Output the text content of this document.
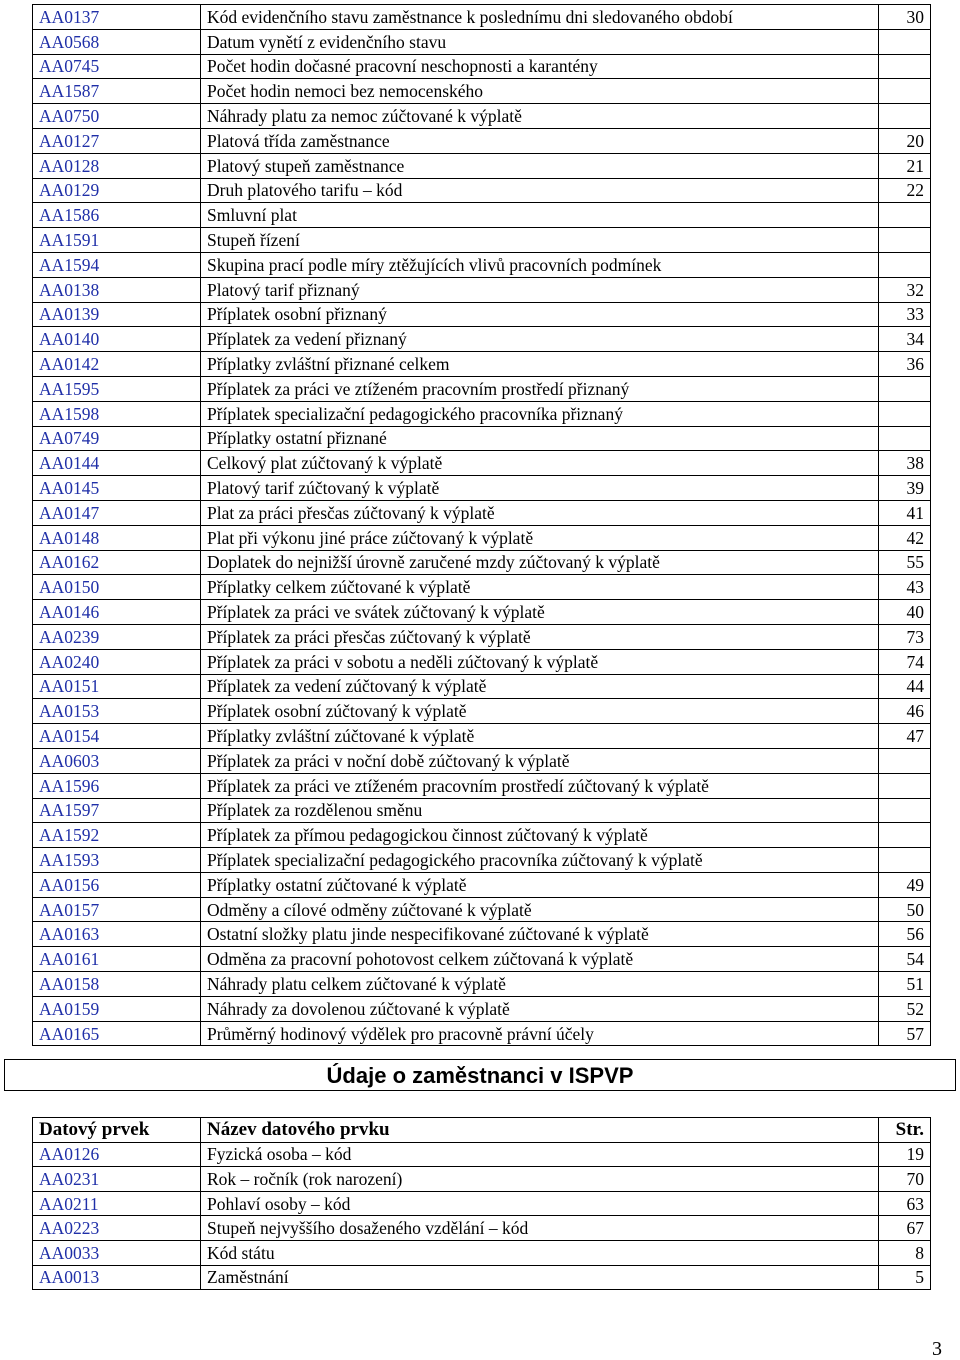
AA0137	Kód evidenčního stavu zaměstnance k poslednímu dni sledovaného období	30
AA0568	Datum vynětí z evidenčního stavu	
AA0745	Počet hodin dočasné pracovní neschopnosti a karantény	
AA1587	Počet hodin nemoci bez nemocenského	
AA0750	Náhrady platu za nemoc zúčtované k výplatě	
AA0127	Platová třída zaměstnance	20
AA0128	Platový stupeň zaměstnance	21
AA0129	Druh platového tarifu – kód	22
AA1586	Smluvní plat	
AA1591	Stupeň řízení	
AA1594	Skupina prací podle míry ztěžujících vlivů pracovních podmínek	
AA0138	Platový tarif přiznaný	32
AA0139	Příplatek osobní přiznaný	33
AA0140	Příplatek za vedení přiznaný	34
AA0142	Příplatky zvláštní přiznané celkem	36
AA1595	Příplatek za práci ve ztíženém pracovním prostředí přiznaný	
AA1598	Příplatek specializační pedagogického pracovníka přiznaný	
AA0749	Příplatky ostatní přiznané	
AA0144	Celkový plat zúčtovaný k výplatě	38
AA0145	Platový tarif zúčtovaný k výplatě	39
AA0147	Plat za práci přesčas zúčtovaný k výplatě	41
AA0148	Plat při výkonu jiné práce zúčtovaný k výplatě	42
AA0162	Doplatek do nejnižší úrovně zaručené mzdy zúčtovaný k výplatě	55
AA0150	Příplatky celkem zúčtované k výplatě	43
AA0146	Příplatek za práci ve svátek zúčtovaný k výplatě	40
AA0239	Příplatek za práci přesčas zúčtovaný k výplatě	73
AA0240	Příplatek za práci v sobotu a neděli zúčtovaný k výplatě	74
AA0151	Příplatek za vedení zúčtovaný k výplatě	44
AA0153	Příplatek osobní zúčtovaný k výplatě	46
AA0154	Příplatky zvláštní zúčtované k výplatě	47
AA0603	Příplatek za práci v noční době zúčtovaný k výplatě	
AA1596	Příplatek za práci ve ztíženém pracovním prostředí zúčtovaný k výplatě	
AA1597	Příplatek za rozdělenou směnu	
AA1592	Příplatek za přímou pedagogickou činnost zúčtovaný k výplatě	
AA1593	Příplatek specializační pedagogického pracovníka zúčtovaný k výplatě	
AA0156	Příplatky ostatní zúčtované k výplatě	49
AA0157	Odměny a cílové odměny zúčtované k výplatě	50
AA0163	Ostatní složky platu jinde nespecifikované zúčtované k výplatě	56
AA0161	Odměna za pracovní pohotovost celkem zúčtovaná k výplatě	54
AA0158	Náhrady platu celkem zúčtované k výplatě	51
AA0159	Náhrady za dovolenou zúčtované k výplatě	52
AA0165	Průměrný hodinový výdělek pro pracovně právní účely	57
Údaje o zaměstnanci v ISPVP
Datový prvek	Název datového prvku	Str.
AA0126	Fyzická osoba – kód	19
AA0231	Rok – ročník (rok narození)	70
AA0211	Pohlaví osoby – kód	63
AA0223	Stupeň nejvyššího dosaženého vzdělání – kód	67
AA0033	Kód státu	8
AA0013	Zaměstnání	5
3
